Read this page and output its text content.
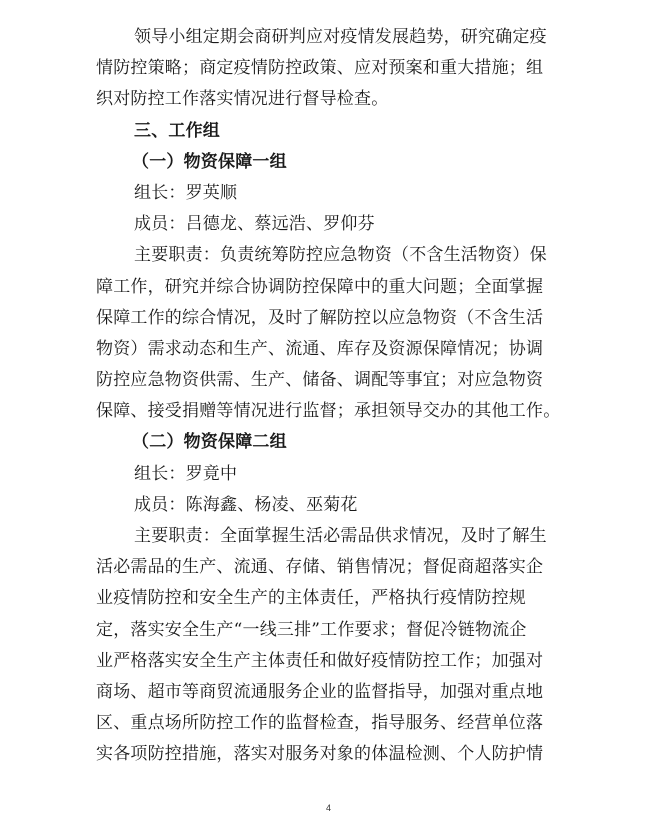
领导小组定期会商研判应对疫情发展趋势，研究确定疫
情防控策略；商定疫情防控政策、应对预案和重大措施；组
织对防控工作落实情况进行督导检查。
三、工作组
（一）物资保障一组
组长：罗英顺
成员：吕德龙、蔡远浩、罗仰芬
主要职责：负责统筹防控应急物资（不含生活物资）保
障工作，研究并综合协调防控保障中的重大问题；全面掌握
保障工作的综合情况，及时了解防控以应急物资（不含生活
物资）需求动态和生产、流通、库存及资源保障情况；协调
防控应急物资供需、生产、储备、调配等事宜；对应急物资
保障、接受捐赠等情况进行监督；承担领导交办的其他工作。
（二）物资保障二组
组长：罗竟中
成员：陈海鑫、杨凌、巫菊花
主要职责：全面掌握生活必需品供求情况，及时了解生
活必需品的生产、流通、存储、销售情况；督促商超落实企
业疫情防控和安全生产的主体责任，严格执行疫情防控规
定，落实安全生产“一线三排”工作要求；督促冷链物流企
业严格落实安全生产主体责任和做好疫情防控工作；加强对
商场、超市等商贸流通服务企业的监督指导，加强对重点地
区、重点场所防控工作的监督检查，指导服务、经营单位落
实各项防控措施，落实对服务对象的体温检测、个人防护情
4
